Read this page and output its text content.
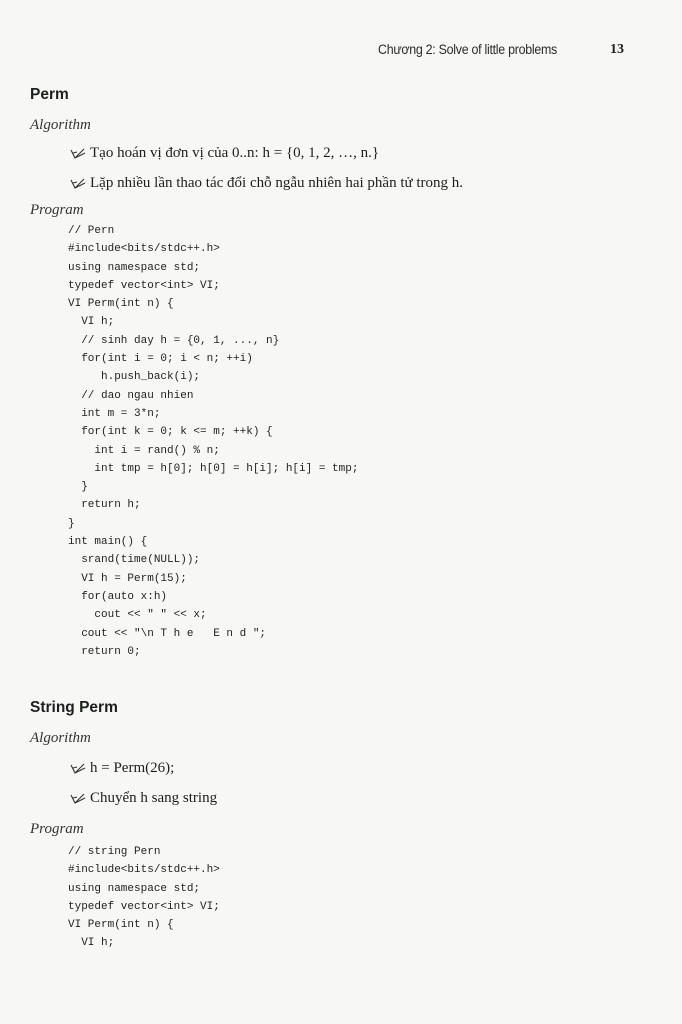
Chương 2: Solve of little problems	13
Perm
Algorithm
Tạo hoán vị đơn vị của 0..n: h = {0, 1, 2, …, n.}
Lặp nhiều lần thao tác đổi chỗ ngẫu nhiên hai phần tử trong h.
Program
// Pern
#include<bits/stdc++.h>
using namespace std;
typedef vector<int> VI;
VI Perm(int n) {
VI h;
// sinh day h = {0, 1, ..., n}
for(int i = 0; i < n; ++i)
h.push_back(i);
// dao ngau nhien
int m = 3*n;
for(int k = 0; k <= m; ++k) {
int i = rand() % n;
int tmp = h[0]; h[0] = h[i]; h[i] = tmp;
}
return h;
}
int main() {
srand(time(NULL));
VI h = Perm(15);
for(auto x:h)
cout << " " << x;
cout << "\n T h e   E n d ";
return 0;
String Perm
Algorithm
h = Perm(26);
Chuyển h sang string
Program
// string Pern
#include<bits/stdc++.h>
using namespace std;
typedef vector<int> VI;
VI Perm(int n) {
VI h;
